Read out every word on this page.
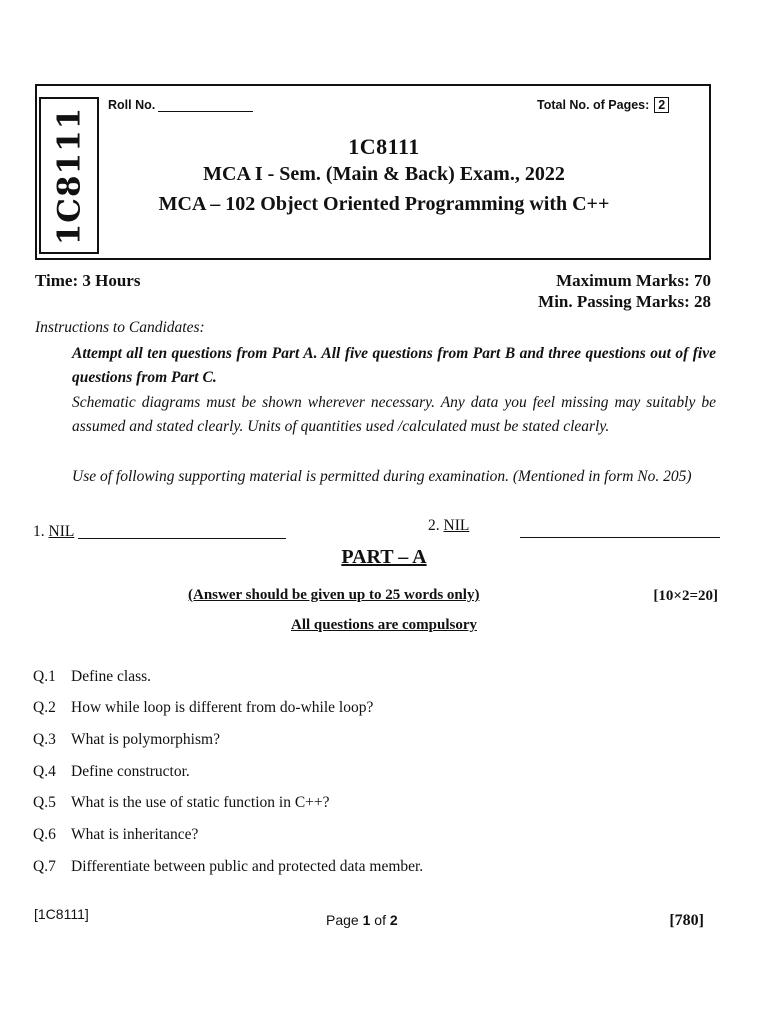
1C8111
Roll No.	Total No. of Pages: 2
1C8111
MCA I - Sem. (Main & Back) Exam., 2022
MCA – 102 Object Oriented Programming with C++
Time: 3 Hours	Maximum Marks: 70
Min. Passing Marks: 28
Instructions to Candidates:
Attempt all ten questions from Part A. All five questions from Part B and three questions out of five questions from Part C.
Schematic diagrams must be shown wherever necessary. Any data you feel missing may suitably be assumed and stated clearly. Units of quantities used /calculated must be stated clearly.
Use of following supporting material is permitted during examination. (Mentioned in form No. 205)
1. NIL	2. NIL
PART – A
(Answer should be given up to 25 words only)	[10×2=20]
All questions are compulsory
Q.1 Define class.
Q.2 How while loop is different from do-while loop?
Q.3 What is polymorphism?
Q.4 Define constructor.
Q.5 What is the use of static function in C++?
Q.6 What is inheritance?
Q.7 Differentiate between public and protected data member.
[1C8111]	Page 1 of 2	[780]
